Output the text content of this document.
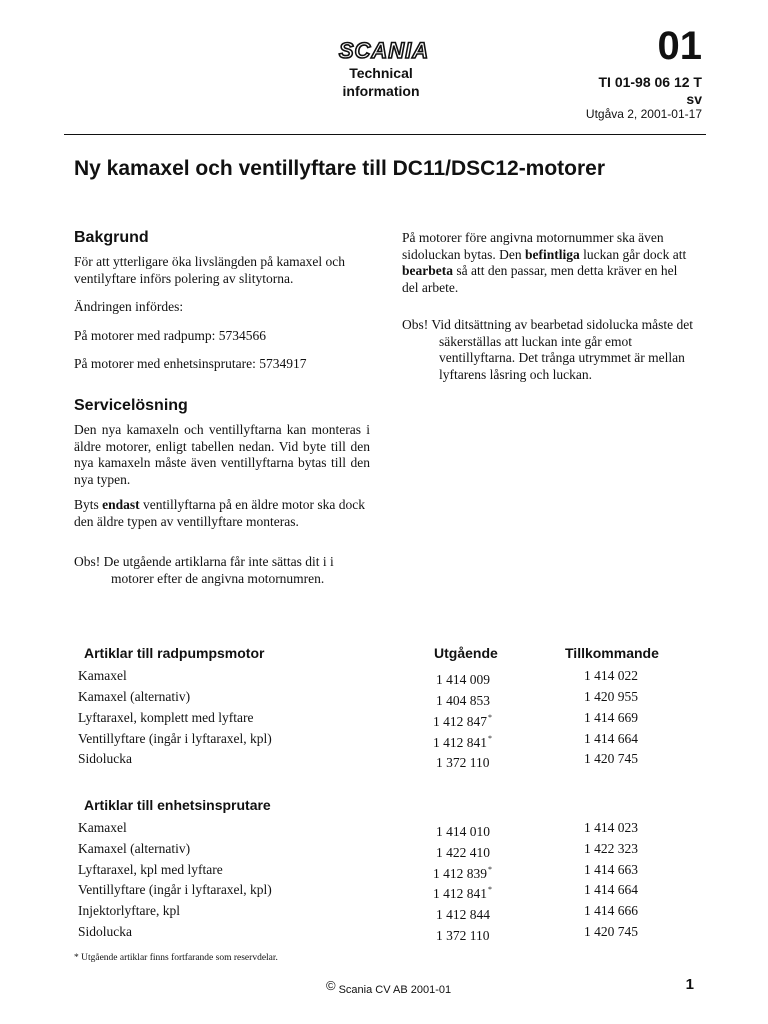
SCANIA
Technical
information
01
TI 01-98 06 12 T
sv
Utgåva 2, 2001-01-17
Ny kamaxel och ventillyftare till DC11/DSC12-motorer
Bakgrund
För att ytterligare öka livslängden på kamaxel och ventilyftare införs polering av slitytorna.
Ändringen infördes:
På motorer med radpump: 5734566
På motorer med enhetsinsprutare: 5734917
Servicelösning
Den nya kamaxeln och ventillyftarna kan monteras i äldre motorer, enligt tabellen nedan. Vid byte till den nya kamaxeln måste även ventillyftarna bytas till den nya typen.
Byts endast ventillyftarna på en äldre motor ska dock den äldre typen av ventillyftare monteras.
Obs! De utgående artiklarna får inte sättas dit i i motorer efter de angivna motornumren.
På motorer före angivna motornummer ska även sidoluckan bytas. Den befintliga luckan går dock att bearbeta så att den passar, men detta kräver en hel del arbete.
Obs! Vid ditsättning av bearbetad sidolucka måste det säkerställas att luckan inte går emot ventillyftarna. Det trånga utrymmet är mellan lyftarens låsring och luckan.
Artiklar till radpumpsmotor	Utgående	Tillkommande
Kamaxel	1 414 009	1 414 022
Kamaxel (alternativ)	1 404 853	1 420 955
Lyftaraxel, komplett med lyftare	1 412 847*	1 414 669
Ventillyftare (ingår i lyftaraxel, kpl)	1 412 841*	1 414 664
Sidolucka	1 372 110	1 420 745
Artiklar till enhetsinsprutare
Kamaxel	1 414 010	1 414 023
Kamaxel (alternativ)	1 422 410	1 422 323
Lyftaraxel, kpl med lyftare	1 412 839*	1 414 663
Ventillyftare (ingår i lyftaraxel, kpl)	1 412 841*	1 414 664
Injektorlyftare, kpl	1 412 844	1 414 666
Sidolucka	1 372 110	1 420 745
* Utgående artiklar finns fortfarande som reservdelar.
© Scania CV AB 2001-01	1
